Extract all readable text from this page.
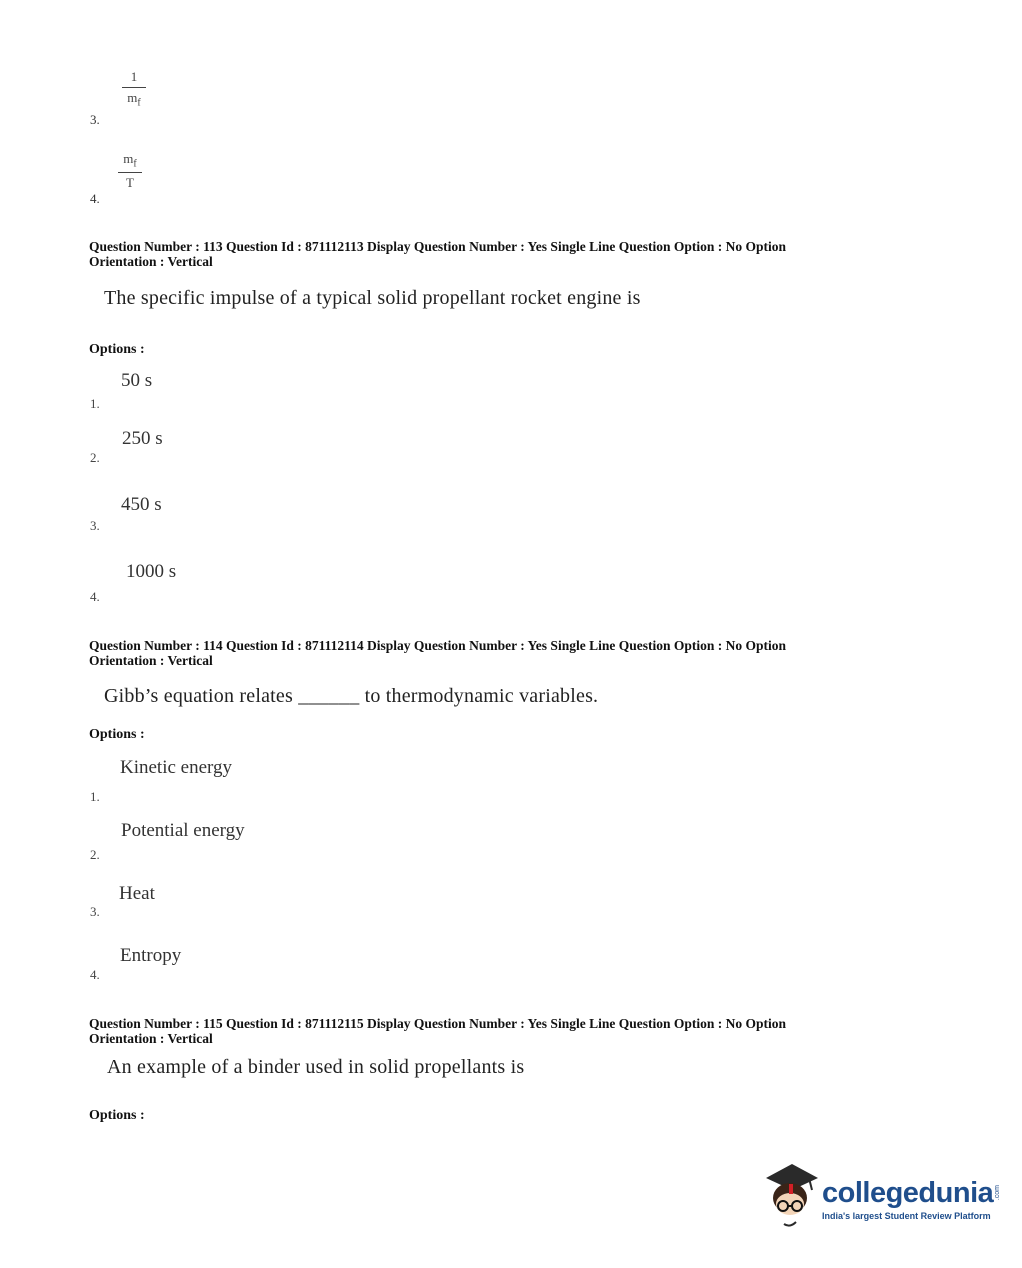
$\frac{1}{m_f}$
3.
$\frac{m_f}{T}$
4.
Question Number : 113 Question Id : 871112113 Display Question Number : Yes Single Line Question Option : No Option
Orientation : Vertical
The specific impulse of a typical solid propellant rocket engine is
Options :
50 s
1.
250 s
2.
450 s
3.
1000 s
4.
Question Number : 114 Question Id : 871112114 Display Question Number : Yes Single Line Question Option : No Option
Orientation : Vertical
Gibb’s equation relates ______ to thermodynamic variables.
Options :
Kinetic energy
1.
Potential energy
2.
Heat
3.
Entropy
4.
Question Number : 115 Question Id : 871112115 Display Question Number : Yes Single Line Question Option : No Option
Orientation : Vertical
An example of a binder used in solid propellants is
Options :
collegedunia .com
India's largest Student Review Platform
